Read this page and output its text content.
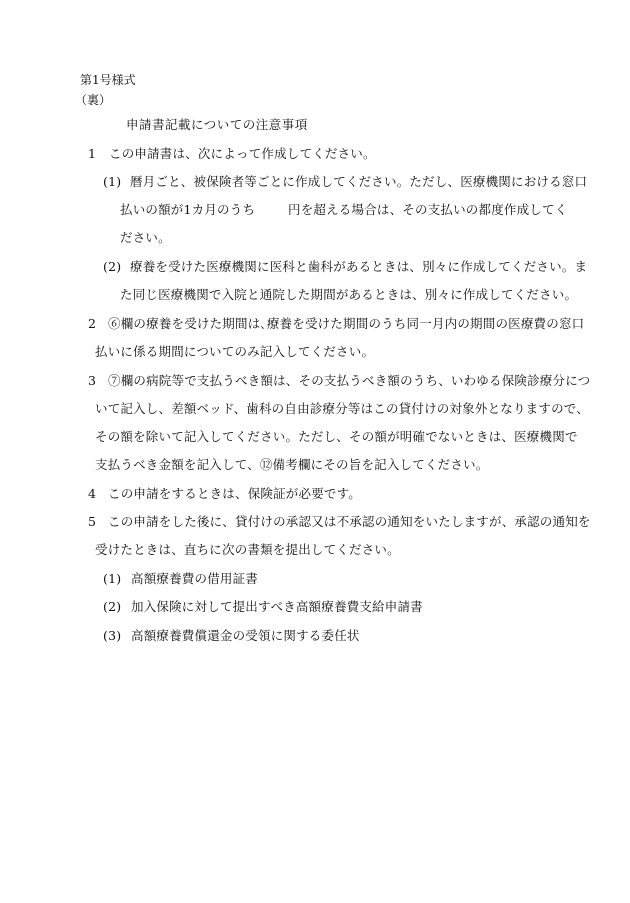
第1号様式
（裏）
申請書記載についての注意事項
1 この申請書は、次によって作成してください。
(1) 暦月ごと、被保険者等ごとに作成してください。ただし、医療機関における窓口
払いの額が1カ月のうち	円を超える場合は、その支払いの都度作成してく
ださい。
(2) 療養を受けた医療機関に医科と歯科があるときは、別々に作成してください。ま
た同じ医療機関で入院と通院した期間があるときは、別々に作成してください。
2 ⑥欄の療養を受けた期間は､療養を受けた期間のうち同一月内の期間の医療費の窓口
払いに係る期間についてのみ記入してください。
3 ⑦欄の病院等で支払うべき額は、その支払うべき額のうち、いわゆる保険診療分につ
いて記入し、差額ベッド、歯科の自由診療分等はこの貸付けの対象外となりますので、
その額を除いて記入してください。ただし、その額が明確でないときは、医療機関で
支払うべき金額を記入して、⑫備考欄にその旨を記入してください。
4 この申請をするときは、保険証が必要です。
5 この申請をした後に、貸付けの承認又は不承認の通知をいたしますが、承認の通知を
受けたときは、直ちに次の書類を提出してください。
(1) 高額療養費の借用証書
(2) 加入保険に対して提出すべき高額療養費支給申請書
(3) 高額療養費償還金の受領に関する委任状
